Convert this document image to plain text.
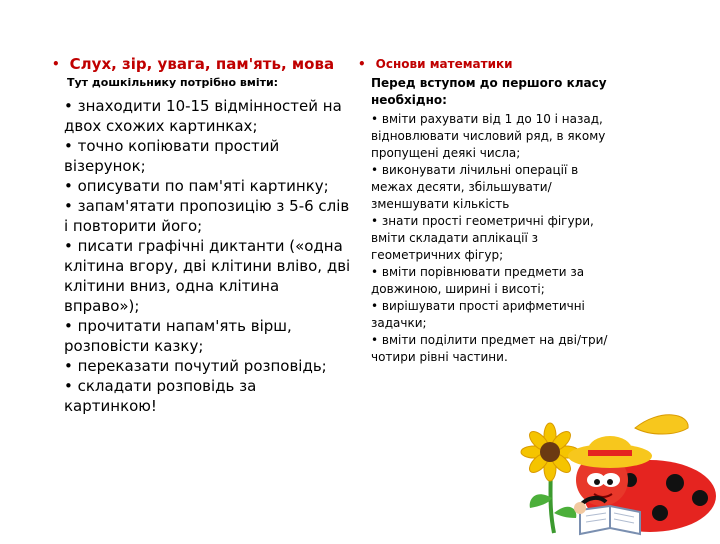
• Слух, зір, увага, пам'ять, мова
Тут дошкільнику потрібно вміти:
• знаходити 10-15 відмінностей на двох схожих картинках;
• точно копіювати простий візерунок;
• описувати по пам'яті картинку;
• запам'ятати пропозицію з 5-6 слів і повторити його;
• писати графічні диктанти («одна клітина вгору, дві клітини вліво, дві клітини вниз, одна клітина вправо»);
• прочитати напам'ять вірш, розповісти казку;
• переказати почутий розповідь;
• складати розповідь за картинкою!
• Основи математики
Перед вступом до першого класу необхідно:
• вміти рахувати від 1 до 10 і назад, відновлювати числовий ряд, в якому пропущені деякі числа;
• виконувати лічильні операції в межах десяти, збільшувати/зменшувати кількість
• знати прості геометричні фігури, вміти складати аплікації з геометричних фігур;
• вміти порівнювати предмети за довжиною, ширині і висоті;
• вирішувати прості арифметичні задачки;
• вміти поділити предмет на дві/три/чотири рівні частини.
